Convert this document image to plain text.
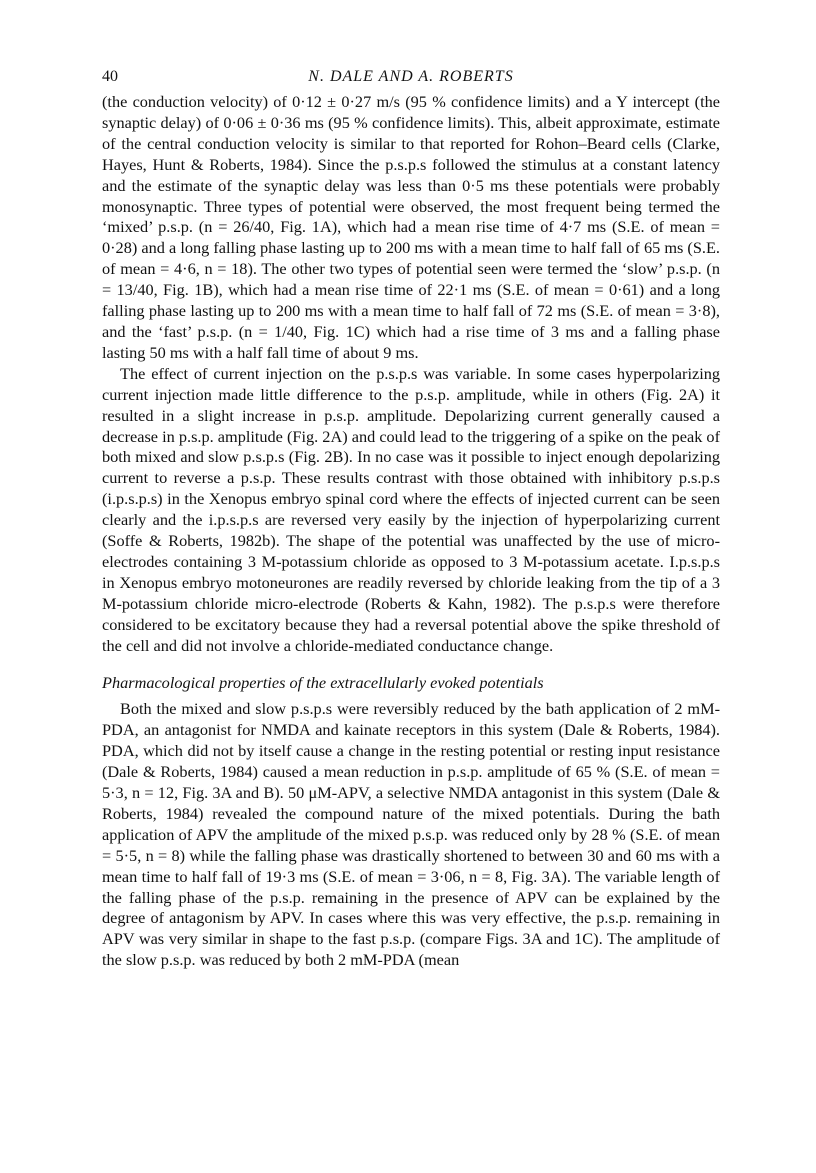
40	N. DALE AND A. ROBERTS

(the conduction velocity) of 0·12 ± 0·27 m/s (95 % confidence limits) and a Y intercept (the synaptic delay) of 0·06 ± 0·36 ms (95 % confidence limits). This, albeit approximate, estimate of the central conduction velocity is similar to that reported for Rohon–Beard cells (Clarke, Hayes, Hunt & Roberts, 1984). Since the p.s.p.s followed the stimulus at a constant latency and the estimate of the synaptic delay was less than 0·5 ms these potentials were probably monosynaptic. Three types of potential were observed, the most frequent being termed the ‘mixed’ p.s.p. (n = 26/40, Fig. 1A), which had a mean rise time of 4·7 ms (S.E. of mean = 0·28) and a long falling phase lasting up to 200 ms with a mean time to half fall of 65 ms (S.E. of mean = 4·6, n = 18). The other two types of potential seen were termed the ‘slow’ p.s.p. (n = 13/40, Fig. 1B), which had a mean rise time of 22·1 ms (S.E. of mean = 0·61) and a long falling phase lasting up to 200 ms with a mean time to half fall of 72 ms (S.E. of mean = 3·8), and the ‘fast’ p.s.p. (n = 1/40, Fig. 1C) which had a rise time of 3 ms and a falling phase lasting 50 ms with a half fall time of about 9 ms.

The effect of current injection on the p.s.p.s was variable. In some cases hyperpolarizing current injection made little difference to the p.s.p. amplitude, while in others (Fig. 2A) it resulted in a slight increase in p.s.p. amplitude. Depolarizing current generally caused a decrease in p.s.p. amplitude (Fig. 2A) and could lead to the triggering of a spike on the peak of both mixed and slow p.s.p.s (Fig. 2B). In no case was it possible to inject enough depolarizing current to reverse a p.s.p. These results contrast with those obtained with inhibitory p.s.p.s (i.p.s.p.s) in the Xenopus embryo spinal cord where the effects of injected current can be seen clearly and the i.p.s.p.s are reversed very easily by the injection of hyperpolarizing current (Soffe & Roberts, 1982b). The shape of the potential was unaffected by the use of micro-electrodes containing 3 M-potassium chloride as opposed to 3 M-potassium acetate. I.p.s.p.s in Xenopus embryo motoneurones are readily reversed by chloride leaking from the tip of a 3 M-potassium chloride micro-electrode (Roberts & Kahn, 1982). The p.s.p.s were therefore considered to be excitatory because they had a reversal potential above the spike threshold of the cell and did not involve a chloride-mediated conductance change.

Pharmacological properties of the extracellularly evoked potentials

Both the mixed and slow p.s.p.s were reversibly reduced by the bath application of 2 mM-PDA, an antagonist for NMDA and kainate receptors in this system (Dale & Roberts, 1984). PDA, which did not by itself cause a change in the resting potential or resting input resistance (Dale & Roberts, 1984) caused a mean reduction in p.s.p. amplitude of 65 % (S.E. of mean = 5·3, n = 12, Fig. 3A and B). 50 μM-APV, a selective NMDA antagonist in this system (Dale & Roberts, 1984) revealed the compound nature of the mixed potentials. During the bath application of APV the amplitude of the mixed p.s.p. was reduced only by 28 % (S.E. of mean = 5·5, n = 8) while the falling phase was drastically shortened to between 30 and 60 ms with a mean time to half fall of 19·3 ms (S.E. of mean = 3·06, n = 8, Fig. 3A). The variable length of the falling phase of the p.s.p. remaining in the presence of APV can be explained by the degree of antagonism by APV. In cases where this was very effective, the p.s.p. remaining in APV was very similar in shape to the fast p.s.p. (compare Figs. 3A and 1C). The amplitude of the slow p.s.p. was reduced by both 2 mM-PDA (mean
